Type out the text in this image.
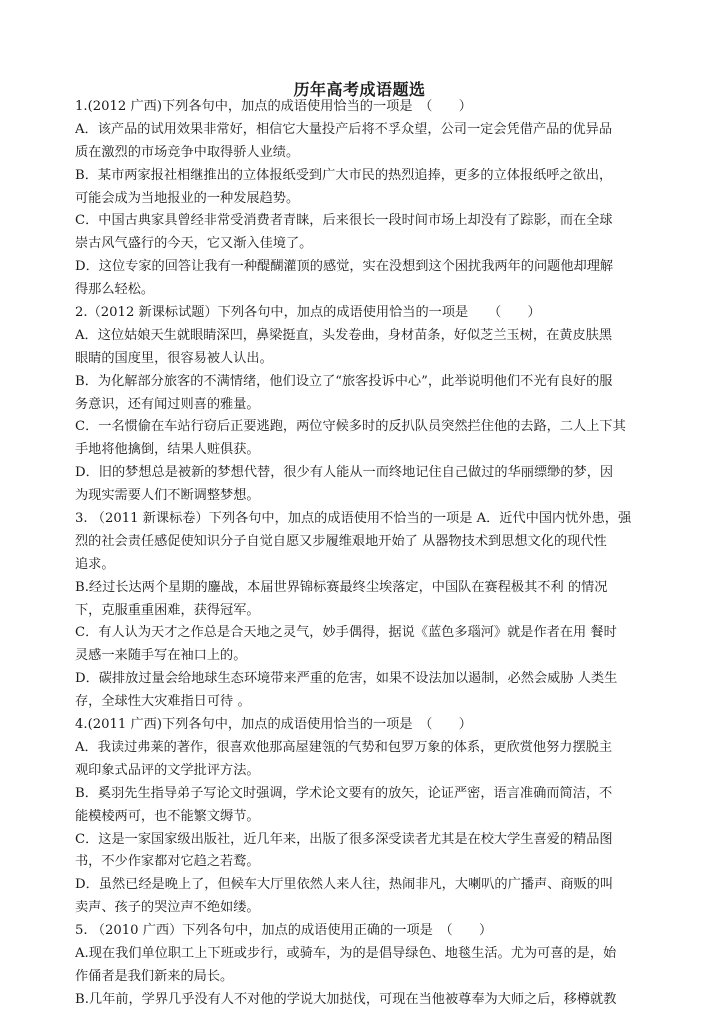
历年高考成语题选
1.(2012 广西)下列各句中，加点的成语使用恰当的一项是　（　　）
A．该产品的试用效果非常好，相信它大量投产后将不孚众望，公司一定会凭借产品的优异品
质在激烈的市场竞争中取得骄人业绩。
B．某市两家报社相继推出的立体报纸受到广大市民的热烈追捧，更多的立体报纸呼之欲出，
可能会成为当地报业的一种发展趋势。
C．中国古典家具曾经非常受消费者青睐，后来很长一段时间市场上却没有了踪影，而在全球
崇古风气盛行的今天，它又渐入佳境了。
D．这位专家的回答让我有一种醍醐灌顶的感觉，实在没想到这个困扰我两年的问题他却理解
得那么轻松。
2.（2012 新课标试题）下列各句中，加点的成语使用恰当的一项是　　（　　）
A．这位姑娘天生就眼睛深凹，鼻梁挺直，头发卷曲，身材苗条，好似芝兰玉树，在黄皮肤黑
眼睛的国度里，很容易被人认出。
B．为化解部分旅客的不满情绪，他们设立了“旅客投诉中心”，此举说明他们不光有良好的服
务意识，还有闻过则喜的雅量。
C．一名惯偷在车站行窃后正要逃跑，两位守候多时的反扒队员突然拦住他的去路，二人上下其
手地将他擒倒，结果人赃俱获。
D．旧的梦想总是被新的梦想代替，很少有人能从一而终地记住自己做过的华丽缥缈的梦，因
为现实需要人们不断调整梦想。
3. （2011 新课标卷）下列各句中，加点的成语使用不恰当的一项是 A．近代中国内忧外患，强
烈的社会责任感促使知识分子自觉自愿又步履维艰地开始了 从器物技术到思想文化的现代性
追求。
B.经过长达两个星期的鏖战，本届世界锦标赛最终尘埃落定，中国队在赛程极其不利 的情况
下，克服重重困难，获得冠军。
C．有人认为天才之作总是合天地之灵气，妙手偶得，据说《蓝色多瑙河》就是作者在用 餐时
灵感一来随手写在袖口上的。
D．碳排放过量会给地球生态环境带来严重的危害，如果不设法加以遏制，必然会威胁 人类生
存，全球性大灾难指日可待 。
4.(2011 广西)下列各句中，加点的成语使用恰当的一项是　（　　）
A．我读过弗莱的著作，很喜欢他那高屋建瓴的气势和包罗万象的体系，更欣赏他努力摆脱主
观印象式品评的文学批评方法。
B．奚羽先生指导弟子写论文时强调，学术论文要有的放矢，论证严密，语言准确而简洁，不
能模棱两可，也不能繁文缛节。
C．这是一家国家级出版社，近几年来，出版了很多深受读者尤其是在校大学生喜爱的精品图
书，不少作家都对它趋之若鹜。
D．虽然已经是晚上了，但候车大厅里依然人来人往，热闹非凡，大喇叭的广播声、商贩的叫
卖声、孩子的哭泣声不绝如缕。
5. （2010 广西）下列各句中，加点的成语使用正确的一项是　（　　）
A.现在我们单位职工上下班或步行，或骑车，为的是倡导绿色、地毯生活。尤为可喜的是，始
作俑者是我们新来的局长。
B.几年前，学界几乎没有人不对他的学说大加挞伐，可现在当他被尊奉为大师之后，移樽就教
